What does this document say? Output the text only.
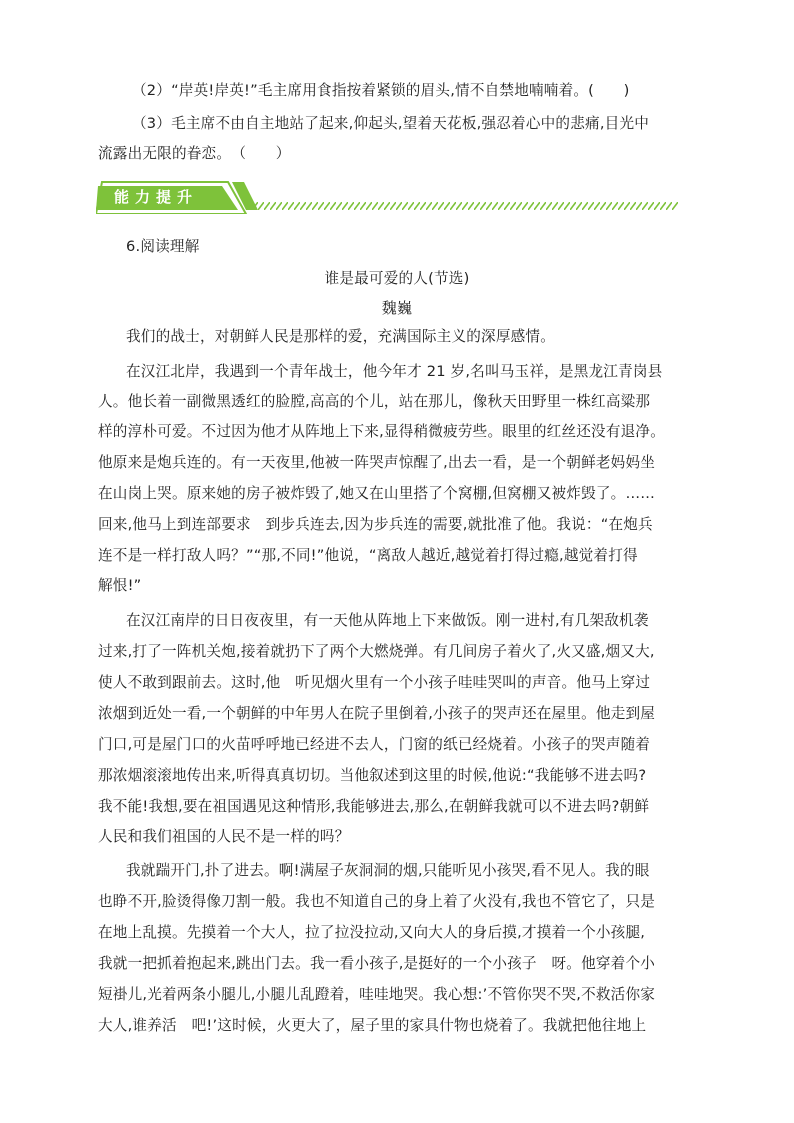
（2）“岸英!岸英!”毛主席用食指按着紧锁的眉头,情不自禁地喃喃着。(　　)
（3）毛主席不由自主地站了起来,仰起头,望着天花板,强忍着心中的悲痛,目光中
流露出无限的眷恋。　（　　）
能力提升
6.阅读理解
谁是最可爱的人(节选)
魏巍
我们的战士，对朝鲜人民是那样的爱，充满国际主义的深厚感情。
在汉江北岸，我遇到一个青年战士，他今年才 21 岁,名叫马玉祥，是黑龙江青岗县
人。他长着一副微黑透红的脸膛,高高的个儿，站在那儿，像秋天田野里一株红高粱那
样的淳朴可爱。不过因为他才从阵地上下来,显得稍微疲劳些。眼里的红丝还没有退净。
他原来是炮兵连的。有一天夜里,他被一阵哭声惊醒了,出去一看，是一个朝鲜老妈妈坐
在山岗上哭。原来她的房子被炸毁了,她又在山里搭了个窝棚,但窝棚又被炸毁了。……
回来,他马上到连部要求　到步兵连去,因为步兵连的需要,就批准了他。我说：“在炮兵
连不是一样打敌人吗？”“那,不同!”他说，“离敌人越近,越觉着打得过瘾,越觉着打得
解恨!”
在汉江南岸的日日夜夜里，有一天他从阵地上下来做饭。刚一进村,有几架敌机袭
过来,打了一阵机关炮,接着就扔下了两个大燃烧弹。有几间房子着火了,火又盛,烟又大,
使人不敢到跟前去。这时,他　听见烟火里有一个小孩子哇哇哭叫的声音。他马上穿过
浓烟到近处一看,一个朝鲜的中年男人在院子里倒着,小孩子的哭声还在屋里。他走到屋
门口,可是屋门口的火苗呼呼地已经进不去人，门窗的纸已经烧着。小孩子的哭声随着
那浓烟滚滚地传出来,听得真真切切。当他叙述到这里的时候,他说:“我能够不进去吗?
我不能!我想,要在祖国遇见这种情形,我能够进去,那么,在朝鲜我就可以不进去吗?朝鲜
人民和我们祖国的人民不是一样的吗？
我就踹开门,扑了进去。啊!满屋子灰洞洞的烟,只能听见小孩哭,看不见人。我的眼
也睁不开,脸烫得像刀割一般。我也不知道自己的身上着了火没有,我也不管它了，只是
在地上乱摸。先摸着一个大人，拉了拉没拉动,又向大人的身后摸,才摸着一个小孩腿,
我就一把抓着抱起来,跳出门去。我一看小孩子,是挺好的一个小孩子　呀。他穿着个小
短褂儿,光着两条小腿儿,小腿儿乱蹬着，哇哇地哭。我心想:’不管你哭不哭,不救活你家
大人,谁养活　吧!’这时候，火更大了，屋子里的家具什物也烧着了。我就把他往地上
